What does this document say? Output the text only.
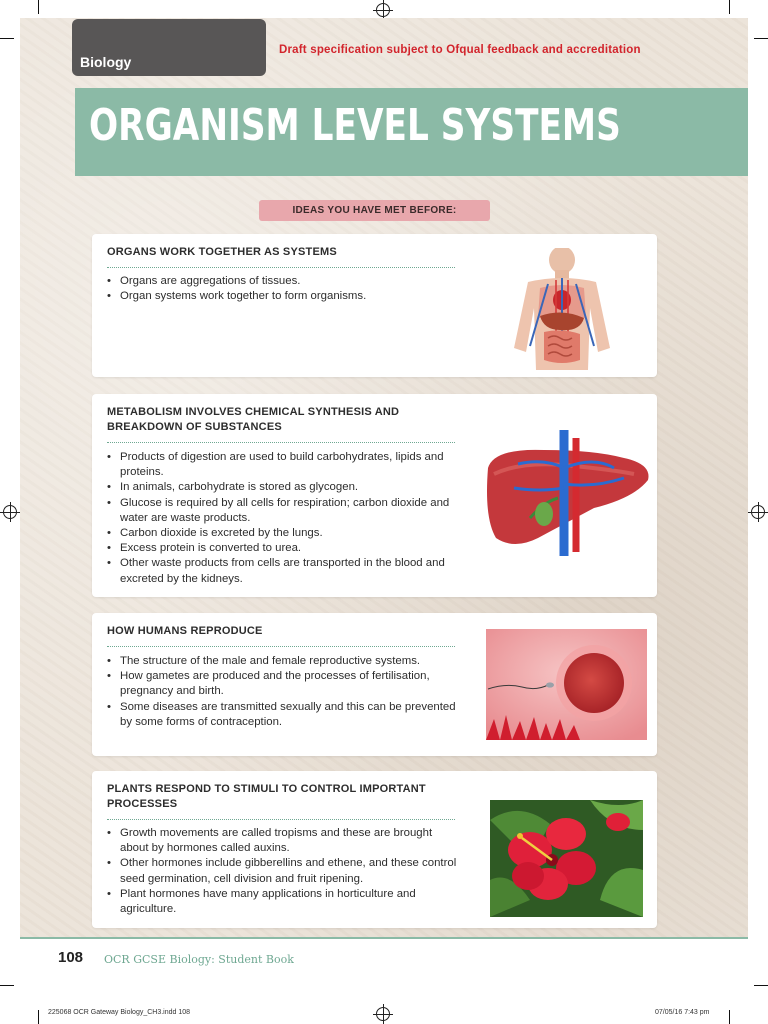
Biology
Draft specification subject to Ofqual feedback and accreditation
ORGANISM LEVEL SYSTEMS
IDEAS YOU HAVE MET BEFORE:
ORGANS WORK TOGETHER AS SYSTEMS
• Organs are aggregations of tissues.
• Organ systems work together to form organisms.
METABOLISM INVOLVES CHEMICAL SYNTHESIS AND BREAKDOWN OF SUBSTANCES
• Products of digestion are used to build carbohydrates, lipids and proteins.
• In animals, carbohydrate is stored as glycogen.
• Glucose is required by all cells for respiration; carbon dioxide and water are waste products.
• Carbon dioxide is excreted by the lungs.
• Excess protein is converted to urea.
• Other waste products from cells are transported in the blood and excreted by the kidneys.
HOW HUMANS REPRODUCE
• The structure of the male and female reproductive systems.
• How gametes are produced and the processes of fertilisation, pregnancy and birth.
• Some diseases are transmitted sexually and this can be prevented by some forms of contraception.
PLANTS RESPOND TO STIMULI TO CONTROL IMPORTANT PROCESSES
• Growth movements are called tropisms and these are brought about by hormones called auxins.
• Other hormones include gibberellins and ethene, and these control seed germination, cell division and fruit ripening.
• Plant hormones have many applications in horticulture and agriculture.
108 OCR GCSE Biology: Student Book
225068 OCR Gateway Biology_CH3.indd 108	07/05/16 7:43 pm
